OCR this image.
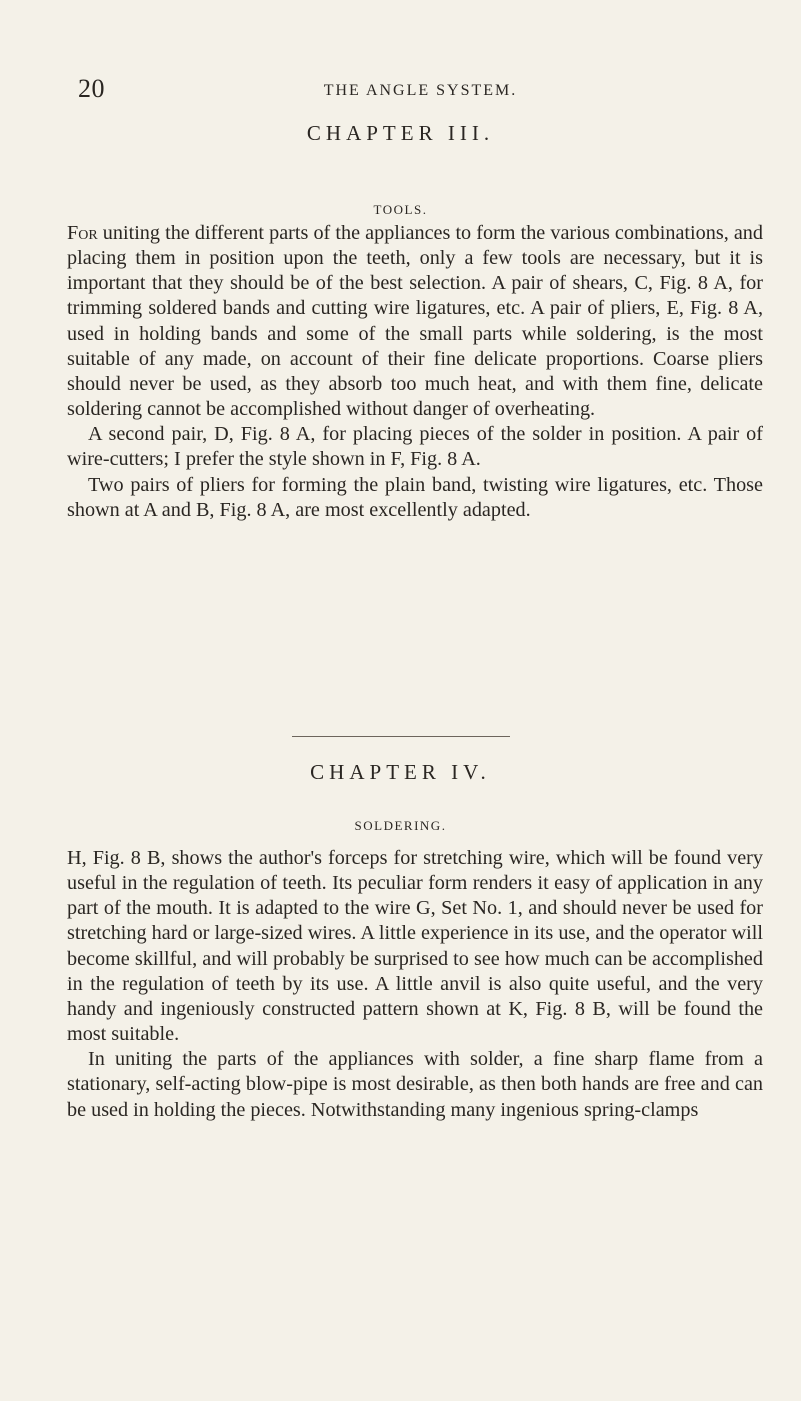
20	THE ANGLE SYSTEM.
CHAPTER III.
TOOLS.

For uniting the different parts of the appliances to form the various combinations, and placing them in position upon the teeth, only a few tools are necessary, but it is important that they should be of the best selection. A pair of shears, C, Fig. 8 A, for trimming soldered bands and cutting wire ligatures, etc. A pair of pliers, E, Fig. 8 A, used in holding bands and some of the small parts while soldering, is the most suitable of any made, on account of their fine delicate proportions. Coarse pliers should never be used, as they absorb too much heat, and with them fine, delicate soldering cannot be accomplished without danger of overheating.

A second pair, D, Fig. 8 A, for placing pieces of the solder in position. A pair of wire-cutters; I prefer the style shown in F, Fig. 8 A.

Two pairs of pliers for forming the plain band, twisting wire ligatures, etc. Those shown at A and B, Fig. 8 A, are most excellently adapted.

CHAPTER IV.
SOLDERING.

H, Fig. 8 B, shows the author's forceps for stretching wire, which will be found very useful in the regulation of teeth. Its peculiar form renders it easy of application in any part of the mouth. It is adapted to the wire G, Set No. 1, and should never be used for stretching hard or large-sized wires. A little experience in its use, and the operator will become skillful, and will probably be surprised to see how much can be accomplished in the regulation of teeth by its use. A little anvil is also quite useful, and the very handy and ingeniously constructed pattern shown at K, Fig. 8 B, will be found the most suitable.

In uniting the parts of the appliances with solder, a fine sharp flame from a stationary, self-acting blow-pipe is most desirable, as then both hands are free and can be used in holding the pieces. Notwithstanding many ingenious spring-clamps
